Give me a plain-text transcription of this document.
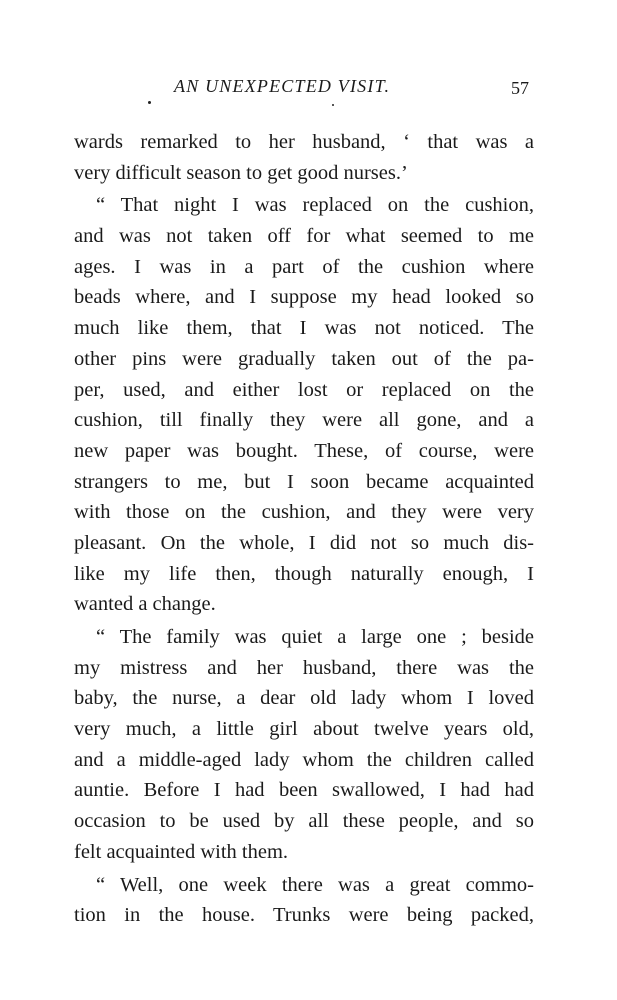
AN UNEXPECTED VISIT.	57
wards remarked to her husband, ‘ that was a
very difficult season to get good nurses.’
“ That night I was replaced on the cushion,
and was not taken off for what seemed to me
ages. I was in a part of the cushion where
beads where, and I suppose my head looked so
much like them, that I was not noticed. The
other pins were gradually taken out of the pa-
per, used, and either lost or replaced on the
cushion, till finally they were all gone, and a
new paper was bought. These, of course, were
strangers to me, but I soon became acquainted
with those on the cushion, and they were very
pleasant. On the whole, I did not so much dis-
like my life then, though naturally enough, I
wanted a change.
“ The family was quiet a large one ; beside
my mistress and her husband, there was the
baby, the nurse, a dear old lady whom I loved
very much, a little girl about twelve years old,
and a middle-aged lady whom the children called
auntie. Before I had been swallowed, I had had
occasion to be used by all these people, and so
felt acquainted with them.
“ Well, one week there was a great commo-
tion in the house. Trunks were being packed,
